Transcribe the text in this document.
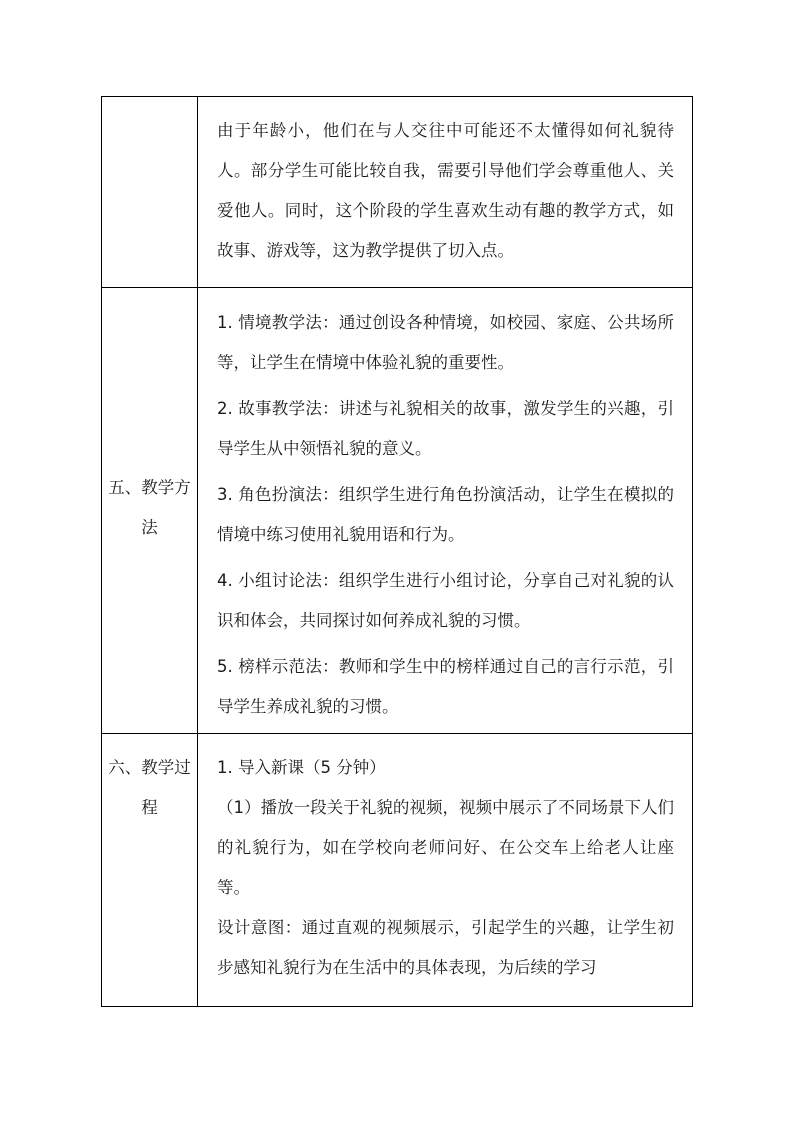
	由于年龄小，他们在与人交往中可能还不太懂得如何礼貌待人。部分学生可能比较自我，需要引导他们学会尊重他人、关爱他人。同时，这个阶段的学生喜欢生动有趣的教学方式，如故事、游戏等，这为教学提供了切入点。

五、教学方法	1. 情境教学法：通过创设各种情境，如校园、家庭、公共场所等，让学生在情境中体验礼貌的重要性。

2. 故事教学法：讲述与礼貌相关的故事，激发学生的兴趣，引导学生从中领悟礼貌的意义。

3. 角色扮演法：组织学生进行角色扮演活动，让学生在模拟的情境中练习使用礼貌用语和行为。

4. 小组讨论法：组织学生进行小组讨论，分享自己对礼貌的认识和体会，共同探讨如何养成礼貌的习惯。

5. 榜样示范法：教师和学生中的榜样通过自己的言行示范，引导学生养成礼貌的习惯。

六、教学过程	1. 导入新课（5 分钟）

（1）播放一段关于礼貌的视频，视频中展示了不同场景下人们的礼貌行为，如在学校向老师问好、在公交车上给老人让座等。

设计意图：通过直观的视频展示，引起学生的兴趣，让学生初步感知礼貌行为在生活中的具体表现，为后续的学习
